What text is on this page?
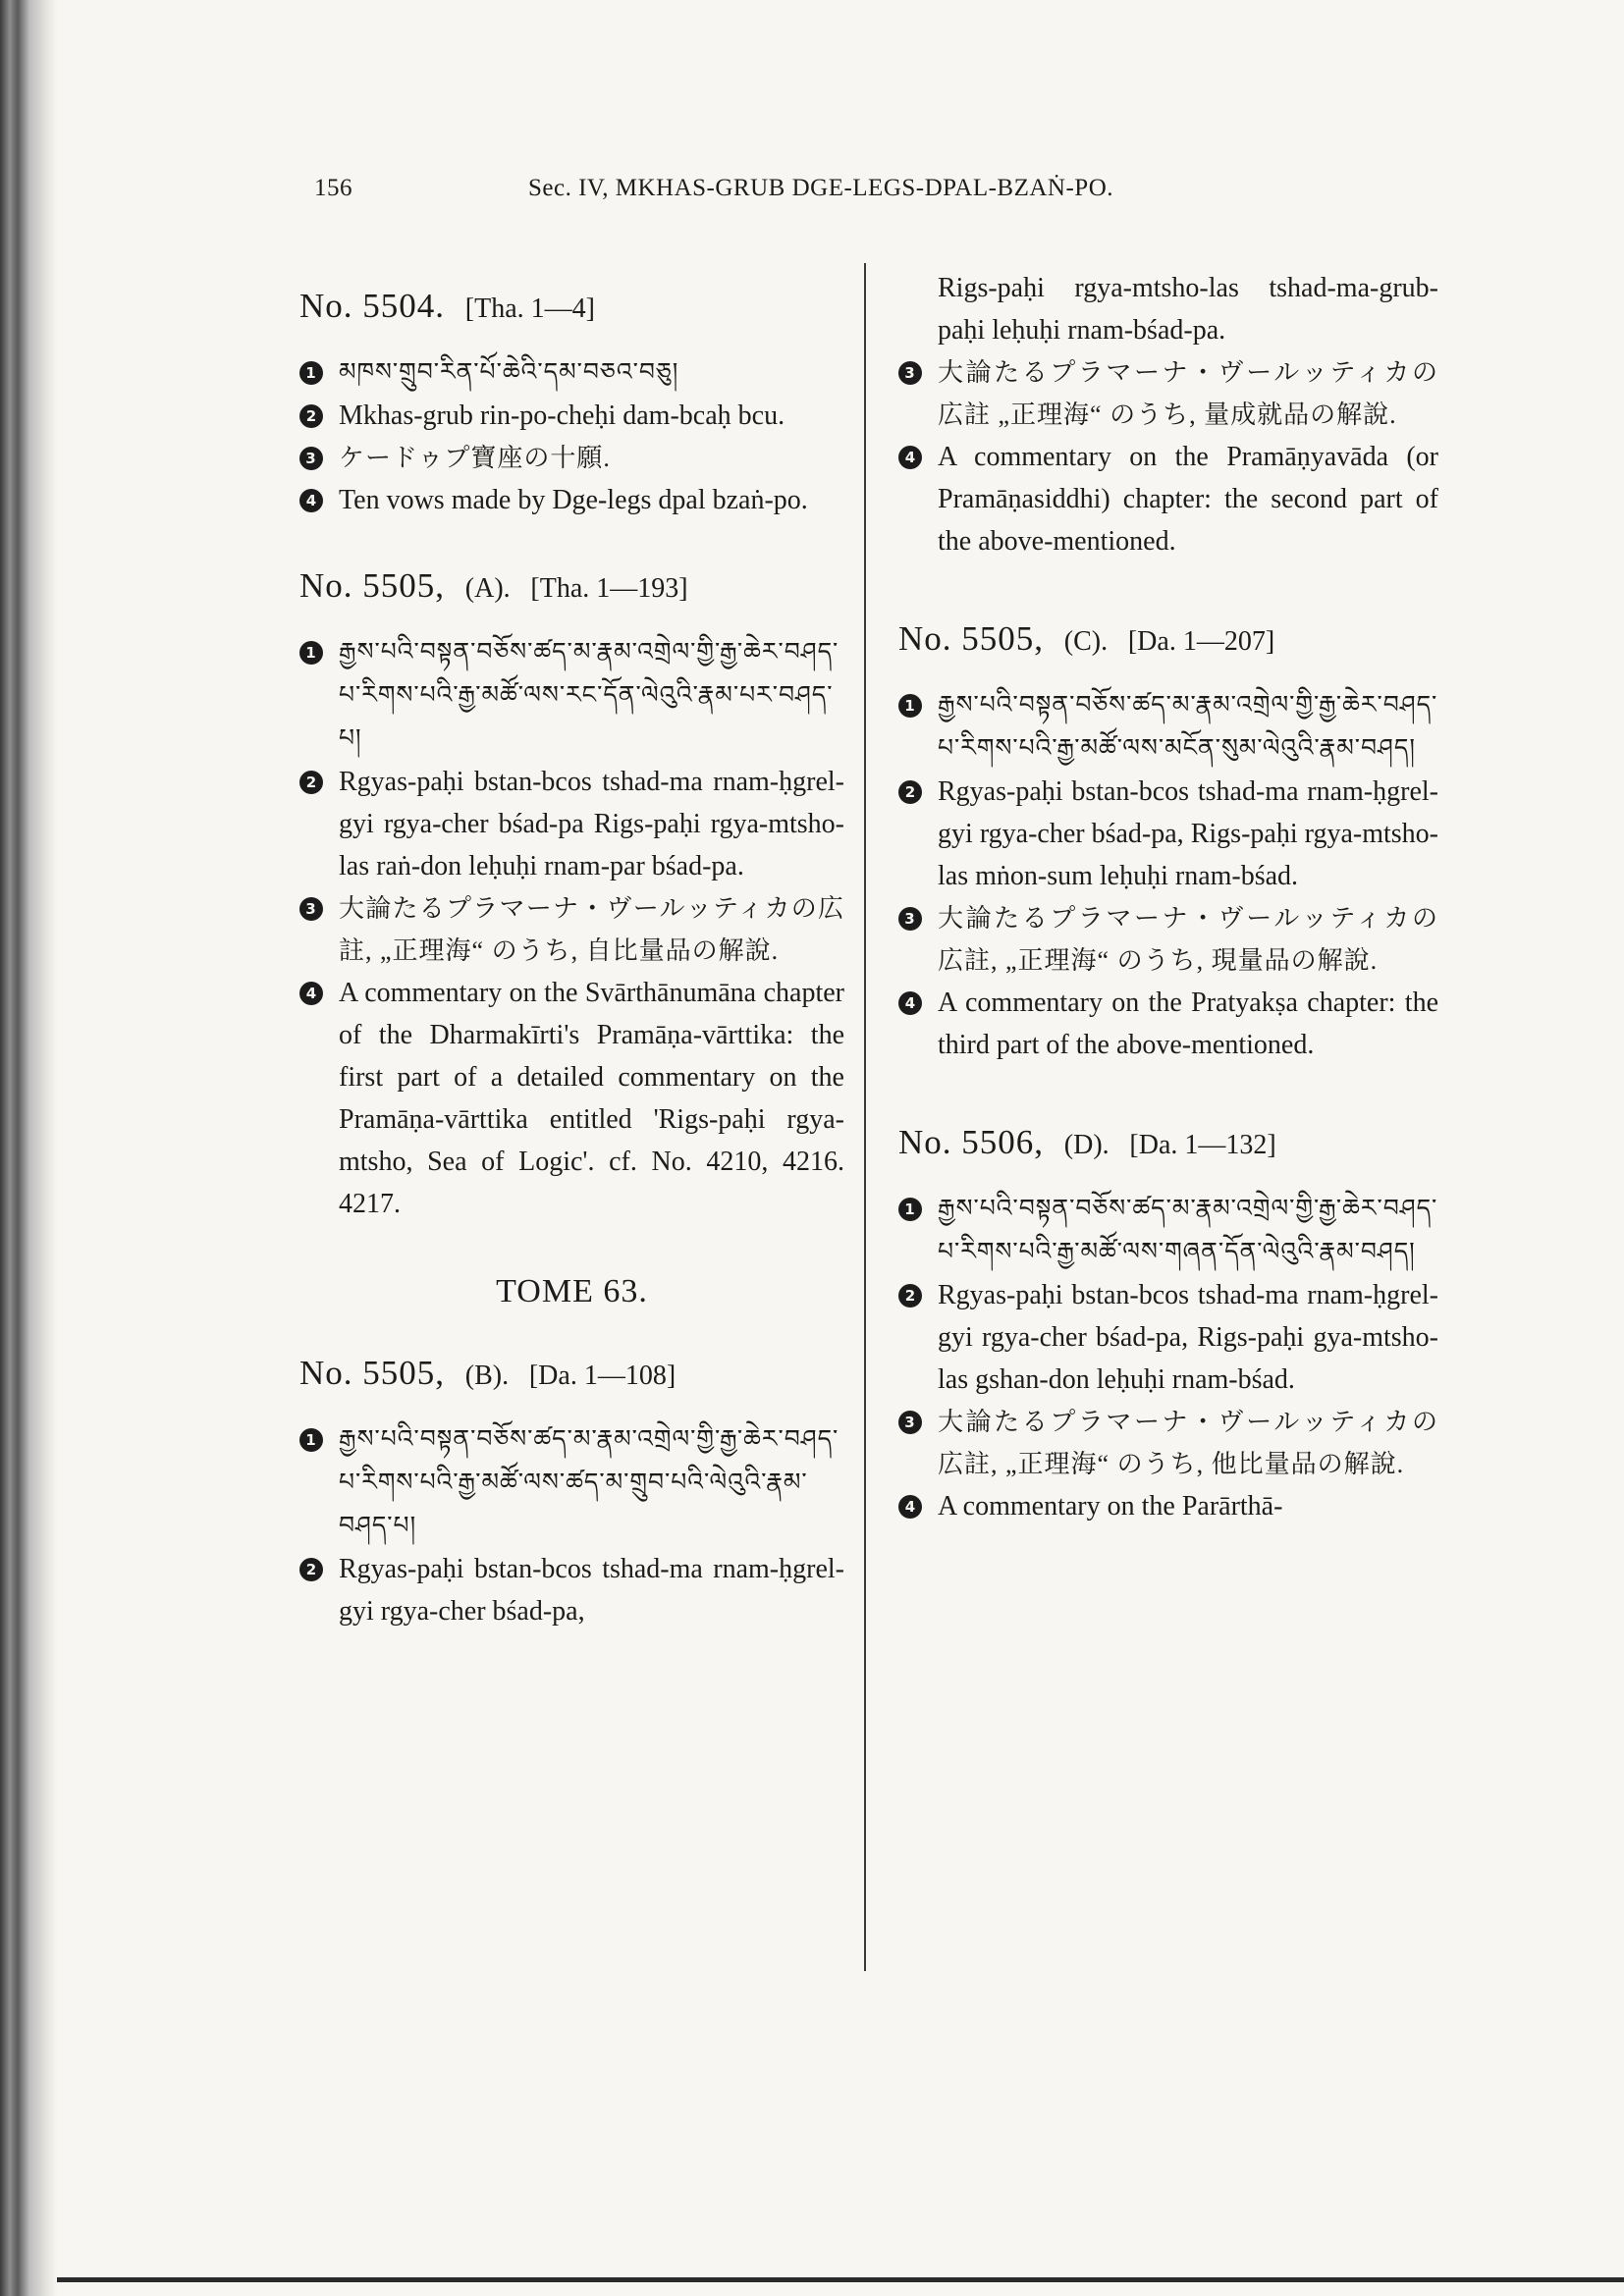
156	Sec. IV, MKHAS-GRUB DGE-LEGS-DPAL-BZAṄ-PO.
No. 5504. [Tha. 1—4]
1 མཁས་གྲུབ་རིན་པོ་ཆེའི་དམ་བཅའ་བཅུ།
2 Mkhas-grub rin-po-cheḥi dam-bcaḥ bcu.
3 ケードゥプ寶座の十願.
4 Ten vows made by Dge-legs dpal bzaṅ-po.
No. 5505, (A). [Tha. 1—193]
1 རྒྱས་པའི་བསྟན་བཅོས་ཚད་མ་རྣམ་འགྲེལ་གྱི་རྒྱ་ཆེར་བཤད་པ་རིགས་པའི་རྒྱ་མཚོ་ལས་རང་དོན་ལེའུའི་རྣམ་པར་བཤད་པ།
2 Rgyas-paḥi bstan-bcos tshad-ma rnam-ḥgrel-gyi rgya-cher bśad-pa Rigs-paḥi rgya-mtsho-las raṅ-don leḥuḥi rnam-par bśad-pa.
3 大論たるプラマーナ・ヴールッティカの広註, „正理海“ のうち, 自比量品の解說.
4 A commentary on the Svārthānumāna chapter of the Dharmakīrti's Pramāṇa-vārttika: the first part of a detailed commentary on the Pramāṇa-vārttika entitled 'Rigs-paḥi rgya-mtsho, Sea of Logic'. cf. No. 4210, 4216. 4217.
TOME 63.
No. 5505, (B). [Da. 1—108]
1 རྒྱས་པའི་བསྟན་བཅོས་ཚད་མ་རྣམ་འགྲེལ་གྱི་རྒྱ་ཆེར་བཤད་པ་རིགས་པའི་རྒྱ་མཚོ་ལས་ཚད་མ་གྲུབ་པའི་ལེའུའི་རྣམ་བཤད་པ།
2 Rgyas-paḥi bstan-bcos tshad-ma rnam-ḥgrel-gyi rgya-cher bśad-pa,
Rigs-paḥi rgya-mtsho-las tshad-ma-grub-paḥi leḥuḥi rnam-bśad-pa.
3 大論たるプラマーナ・ヴールッティカの広註 „正理海“ のうち, 量成就品の解說.
4 A commentary on the Pramāṇyavāda (or Pramāṇasiddhi) chapter: the second part of the above-mentioned.
No. 5505, (C). [Da. 1—207]
1 རྒྱས་པའི་བསྟན་བཅོས་ཚད་མ་རྣམ་འགྲེལ་གྱི་རྒྱ་ཆེར་བཤད་པ་རིགས་པའི་རྒྱ་མཚོ་ལས་མངོན་སུམ་ལེའུའི་རྣམ་བཤད།
2 Rgyas-paḥi bstan-bcos tshad-ma rnam-ḥgrel-gyi rgya-cher bśad-pa, Rigs-paḥi rgya-mtsho-las mṅon-sum leḥuḥi rnam-bśad.
3 大論たるプラマーナ・ヴールッティカの広註, „正理海“ のうち, 現量品の解說.
4 A commentary on the Pratyakṣa chapter: the third part of the above-mentioned.
No. 5506, (D). [Da. 1—132]
1 རྒྱས་པའི་བསྟན་བཅོས་ཚད་མ་རྣམ་འགྲེལ་གྱི་རྒྱ་ཆེར་བཤད་པ་རིགས་པའི་རྒྱ་མཚོ་ལས་གཞན་དོན་ལེའུའི་རྣམ་བཤད།
2 Rgyas-paḥi bstan-bcos tshad-ma rnam-ḥgrel-gyi rgya-cher bśad-pa, Rigs-paḥi gya-mtsho-las gshan-don leḥuḥi rnam-bśad.
3 大論たるプラマーナ・ヴールッティカの広註, „正理海“ のうち, 他比量品の解說.
4 A commentary on the Parārthā-
